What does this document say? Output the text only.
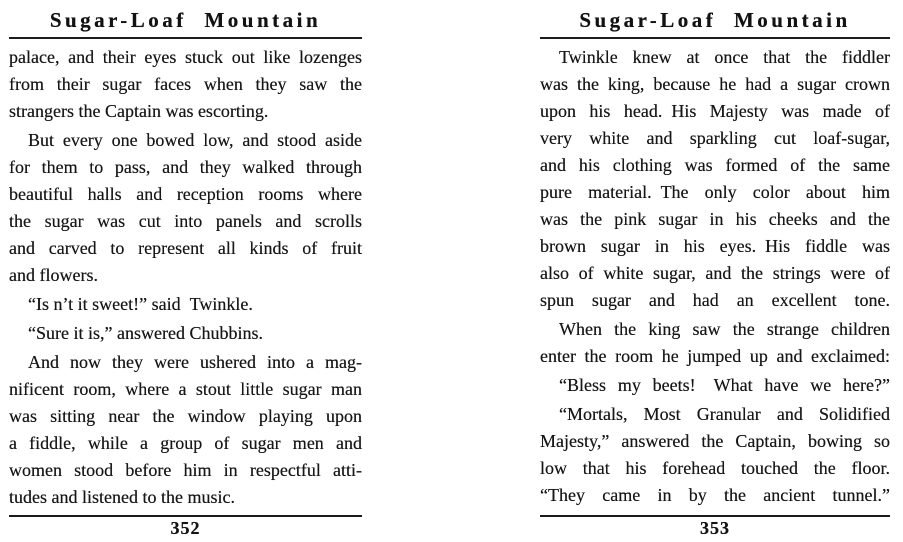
Sugar-Loaf Mountain
palace, and their eyes stuck out like lozenges
from their sugar faces when they saw the
strangers the Captain was escorting.
But every one bowed low, and stood aside
for them to pass, and they walked through
beautiful halls and reception rooms where
the sugar was cut into panels and scrolls
and carved to represent all kinds of fruit
and flowers.
“Is n’t it sweet!” said Twinkle.
“Sure it is,” answered Chubbins.
And now they were ushered into a mag-
nificent room, where a stout little sugar man
was sitting near the window playing upon
a fiddle, while a group of sugar men and
women stood before him in respectful atti-
tudes and listened to the music.
352
Sugar-Loaf Mountain
Twinkle knew at once that the fiddler
was the king, because he had a sugar crown
upon his head. His Majesty was made of
very white and sparkling cut loaf-sugar,
and his clothing was formed of the same
pure material. The only color about him
was the pink sugar in his cheeks and the
brown sugar in his eyes. His fiddle was
also of white sugar, and the strings were of
spun sugar and had an excellent tone.
When the king saw the strange children
enter the room he jumped up and exclaimed:
“Bless my beets! What have we here?”
“Mortals, Most Granular and Solidified
Majesty,” answered the Captain, bowing so
low that his forehead touched the floor.
“They came in by the ancient tunnel.”
353
